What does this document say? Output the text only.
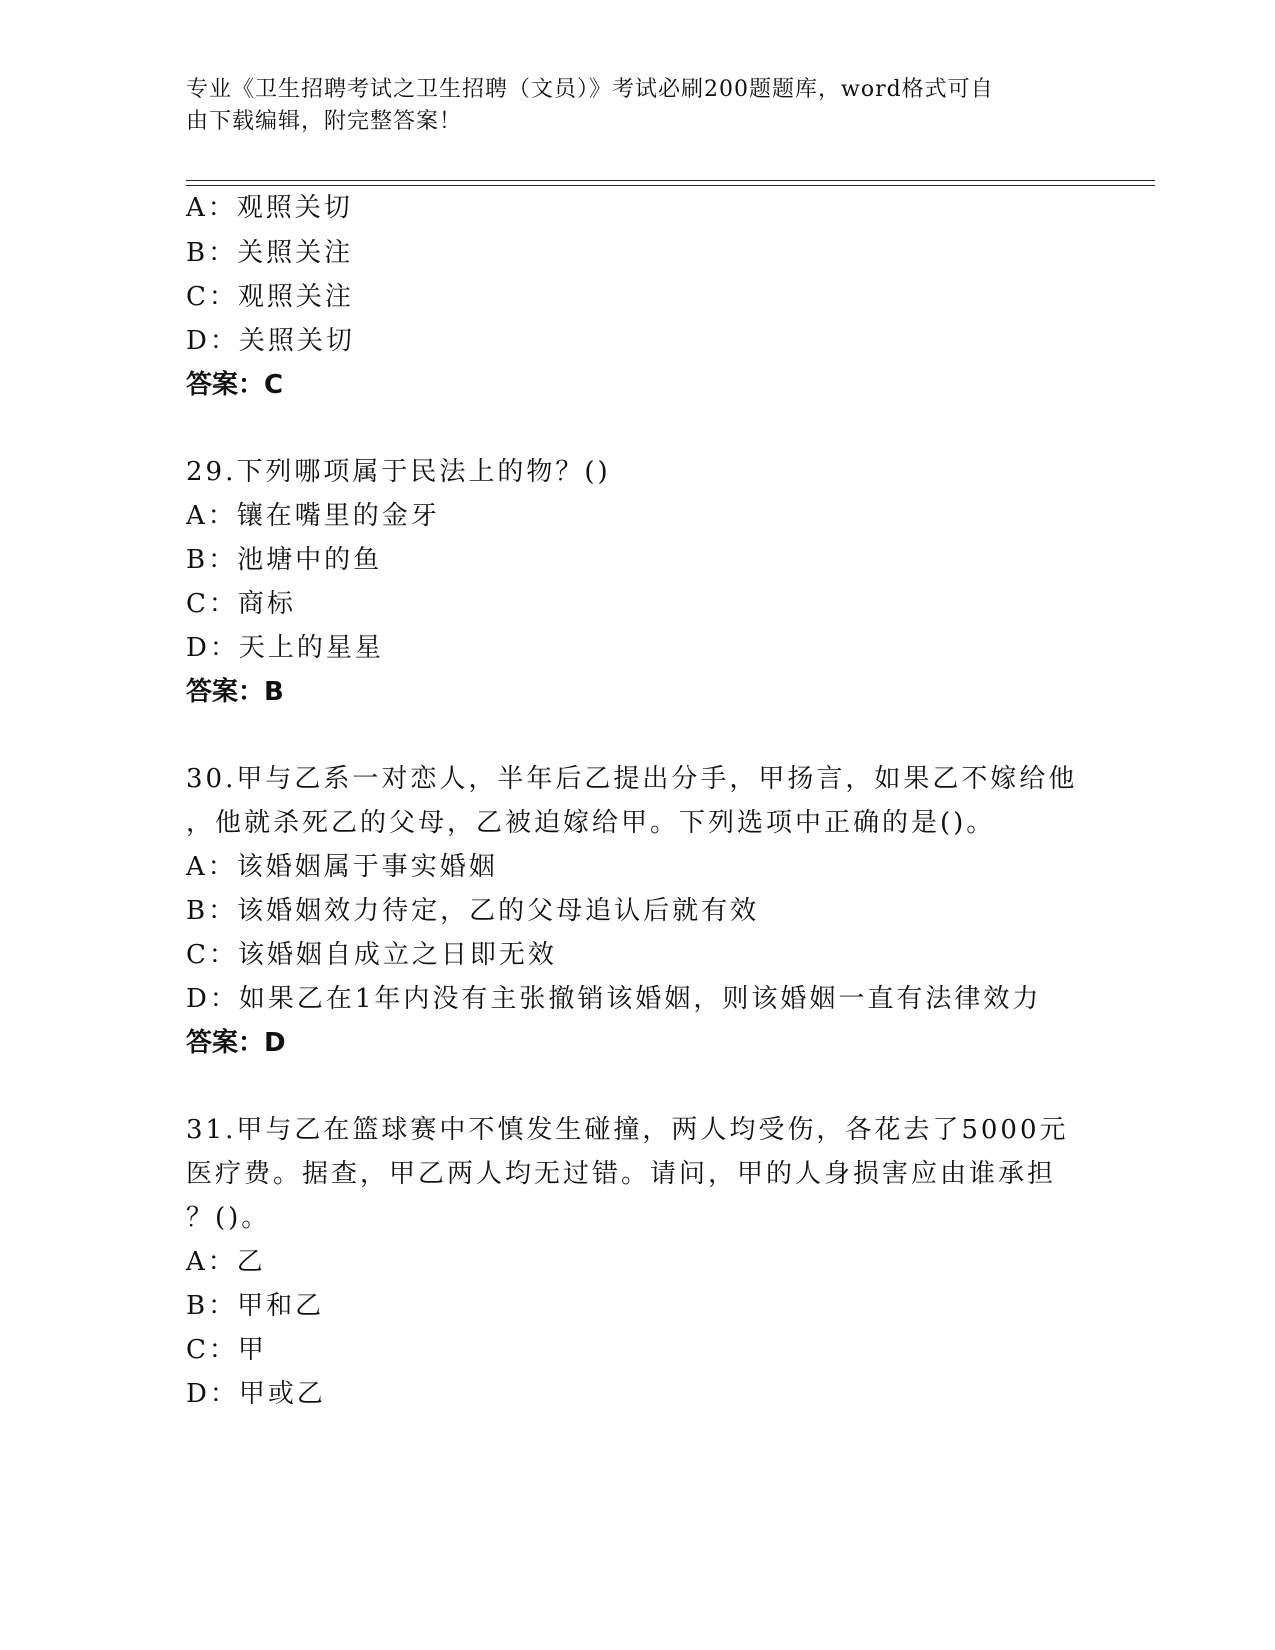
专业《卫生招聘考试之卫生招聘（文员）》考试必刷200题题库，word格式可自
由下载编辑，附完整答案！
A：观照关切
B：关照关注
C：观照关注
D：关照关切
答案：C
29.下列哪项属于民法上的物？()
A：镶在嘴里的金牙
B：池塘中的鱼
C：商标
D：天上的星星
答案：B
30.甲与乙系一对恋人，半年后乙提出分手，甲扬言，如果乙不嫁给他
，他就杀死乙的父母，乙被迫嫁给甲。下列选项中正确的是()。
A：该婚姻属于事实婚姻
B：该婚姻效力待定，乙的父母追认后就有效
C：该婚姻自成立之日即无效
D：如果乙在1年内没有主张撤销该婚姻，则该婚姻一直有法律效力
答案：D
31.甲与乙在篮球赛中不慎发生碰撞，两人均受伤，各花去了5000元
医疗费。据查，甲乙两人均无过错。请问，甲的人身损害应由谁承担
？()。
A：乙
B：甲和乙
C：甲
D：甲或乙
